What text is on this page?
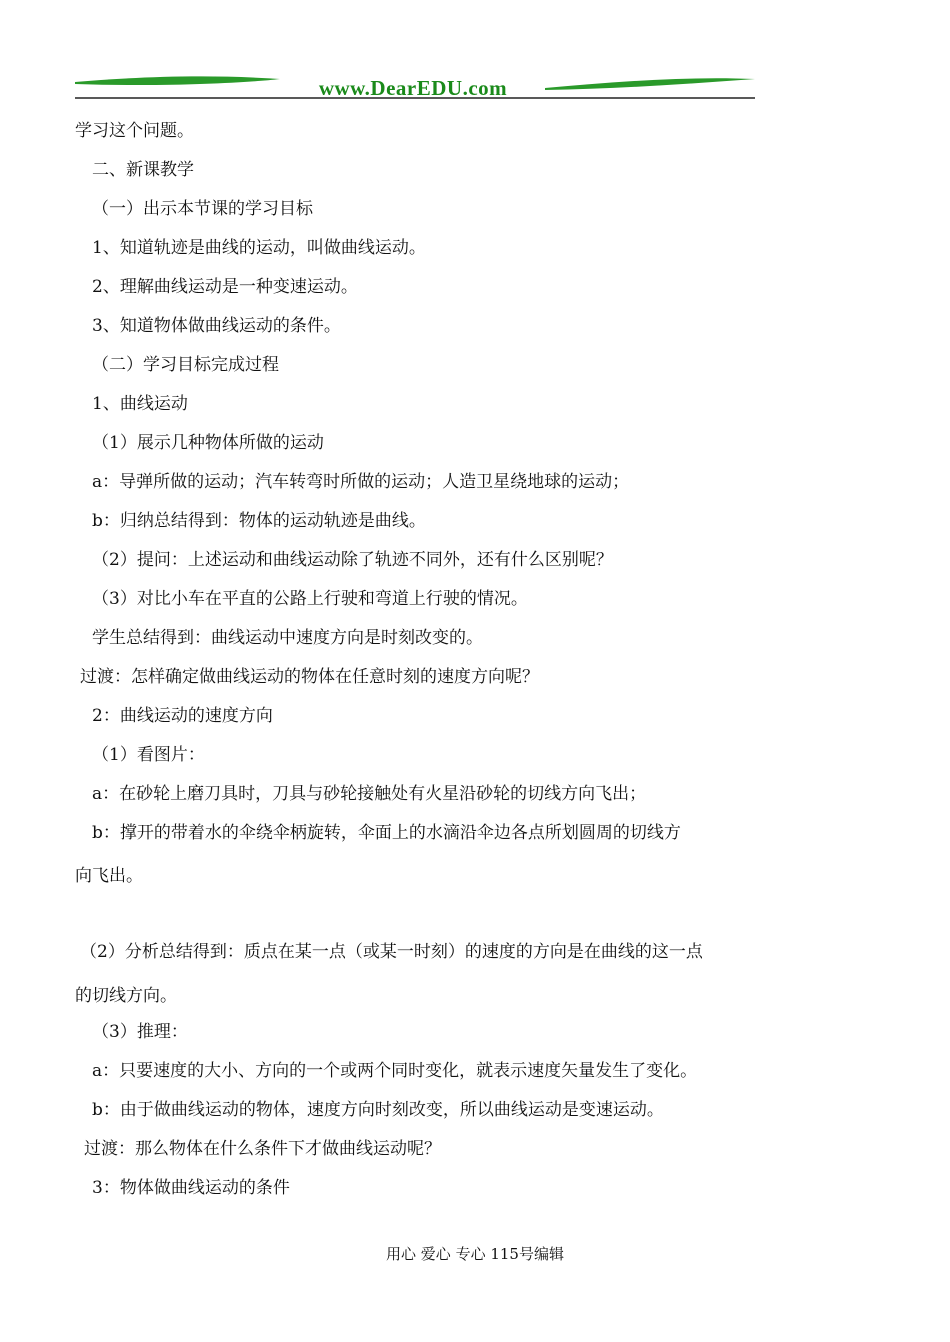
www.DearEDU.com
学习这个问题。
二、新课教学
（一）出示本节课的学习目标
1、知道轨迹是曲线的运动，叫做曲线运动。
2、理解曲线运动是一种变速运动。
3、知道物体做曲线运动的条件。
（二）学习目标完成过程
1、曲线运动
（1）展示几种物体所做的运动
a：导弹所做的运动；汽车转弯时所做的运动；人造卫星绕地球的运动；
b：归纳总结得到：物体的运动轨迹是曲线。
（2）提问：上述运动和曲线运动除了轨迹不同外，还有什么区别呢？
（3）对比小车在平直的公路上行驶和弯道上行驶的情况。
学生总结得到：曲线运动中速度方向是时刻改变的。
过渡：怎样确定做曲线运动的物体在任意时刻的速度方向呢？
2：曲线运动的速度方向
（1）看图片：
a：在砂轮上磨刀具时，刀具与砂轮接触处有火星沿砂轮的切线方向飞出；
b：撑开的带着水的伞绕伞柄旋转，伞面上的水滴沿伞边各点所划圆周的切线方
向飞出。
（2）分析总结得到：质点在某一点（或某一时刻）的速度的方向是在曲线的这一点
的切线方向。
（3）推理：
a：只要速度的大小、方向的一个或两个同时变化，就表示速度矢量发生了变化。
b：由于做曲线运动的物体，速度方向时刻改变，所以曲线运动是变速运动。
过渡：那么物体在什么条件下才做曲线运动呢？
3：物体做曲线运动的条件
用心 爱心 专心 115号编辑
